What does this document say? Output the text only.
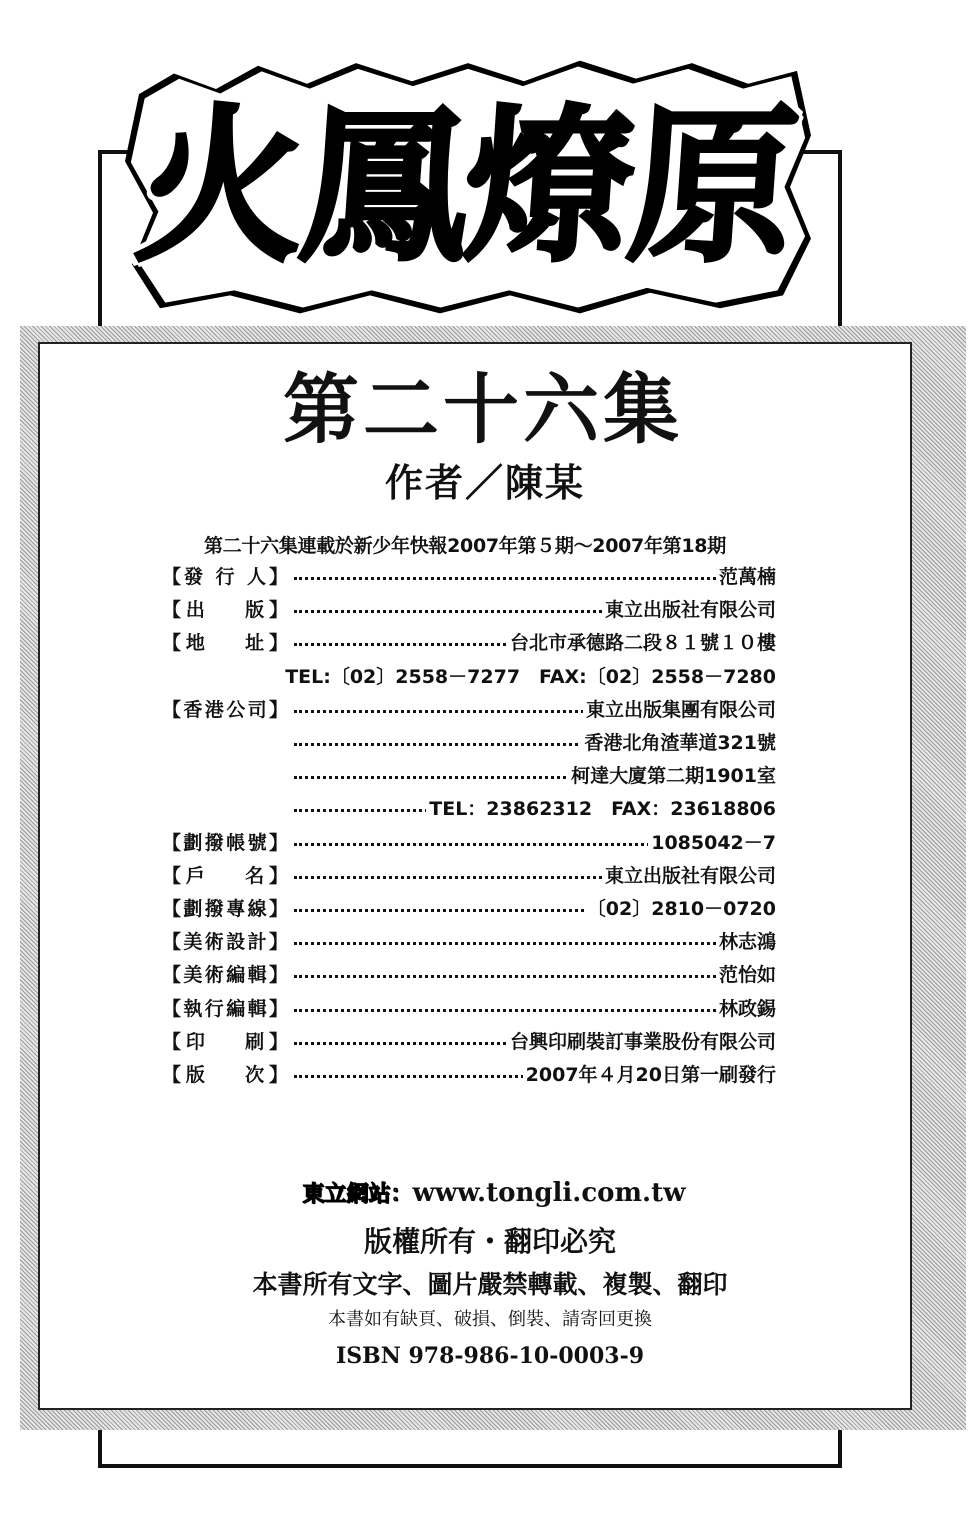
火鳳燎原
第二十六集
作者／陳某
第二十六集連載於新少年快報2007年第５期～2007年第18期
【發 行 人】	范萬楠
【出　 版】	東立出版社有限公司
【地　 址】	台北市承德路二段８１號１０樓
TEL:〔02〕2558－7277　FAX:〔02〕2558－7280
【香港公司】	東立出版集團有限公司
香港北角渣華道321號
柯達大廈第二期1901室
TEL：23862312　FAX：23618806
【劃撥帳號】	1085042－7
【戶　 名】	東立出版社有限公司
【劃撥專線】	〔02〕2810－0720
【美術設計】	林志鴻
【美術編輯】	范怡如
【執行編輯】	林政錫
【印　 刷】	台興印刷裝訂事業股份有限公司
【版　 次】	2007年４月20日第一刷發行
東立網站：www.tongli.com.tw
版權所有・翻印必究
本書所有文字、圖片嚴禁轉載、複製、翻印
本書如有缺頁、破損、倒裝、請寄回更換
ISBN 978-986-10-0003-9
